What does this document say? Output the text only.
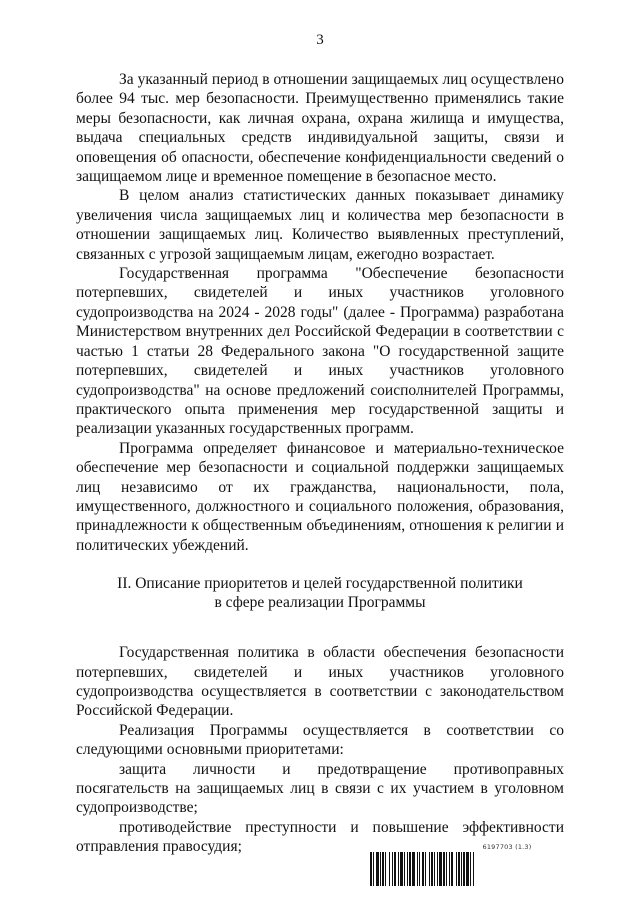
3

За указанный период в отношении защищаемых лиц осуществлено более 94 тыс. мер безопасности. Преимущественно применялись такие меры безопасности, как личная охрана, охрана жилища и имущества, выдача специальных средств индивидуальной защиты, связи и оповещения об опасности, обеспечение конфиденциальности сведений о защищаемом лице и временное помещение в безопасное место.

В целом анализ статистических данных показывает динамику увеличения числа защищаемых лиц и количества мер безопасности в отношении защищаемых лиц. Количество выявленных преступлений, связанных с угрозой защищаемым лицам, ежегодно возрастает.

Государственная программа "Обеспечение безопасности потерпевших, свидетелей и иных участников уголовного судопроизводства на 2024 - 2028 годы" (далее - Программа) разработана Министерством внутренних дел Российской Федерации в соответствии с частью 1 статьи 28 Федерального закона "О государственной защите потерпевших, свидетелей и иных участников уголовного судопроизводства" на основе предложений соисполнителей Программы, практического опыта применения мер государственной защиты и реализации указанных государственных программ.

Программа определяет финансовое и материально-техническое обеспечение мер безопасности и социальной поддержки защищаемых лиц независимо от их гражданства, национальности, пола, имущественного, должностного и социального положения, образования, принадлежности к общественным объединениям, отношения к религии и политических убеждений.

II. Описание приоритетов и целей государственной политики
в сфере реализации Программы

Государственная политика в области обеспечения безопасности потерпевших, свидетелей и иных участников уголовного судопроизводства осуществляется в соответствии с законодательством Российской Федерации.

Реализация Программы осуществляется в соответствии со следующими основными приоритетами:

защита личности и предотвращение противоправных посягательств на защищаемых лиц в связи с их участием в уголовном судопроизводстве;

противодействие преступности и повышение эффективности отправления правосудия;	6197703 (1.3)
